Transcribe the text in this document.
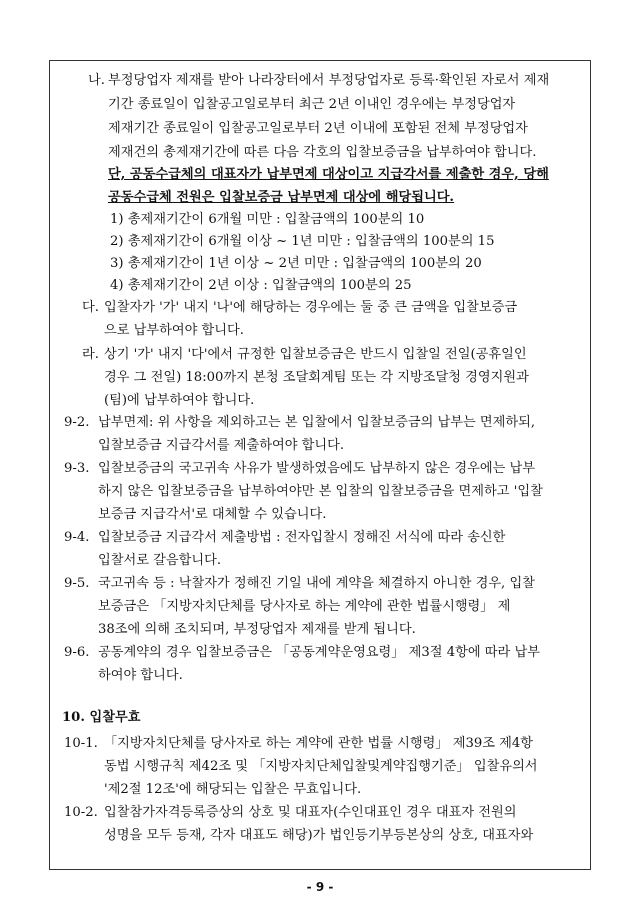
나. 부정당업자 제재를 받아 나라장터에서 부정당업자로 등록·확인된 자로서 제재
기간 종료일이 입찰공고일로부터 최근 2년 이내인 경우에는 부정당업자
제재기간 종료일이 입찰공고일로부터 2년 이내에 포함된 전체 부정당업자
제재건의 총제재기간에 따른 다음 각호의 입찰보증금을 납부하여야 합니다.
단, 공동수급체의 대표자가 납부면제 대상이고 지급각서를 제출한 경우, 당해
공동수급체 전원은 입찰보증금 납부면제 대상에 해당됩니다.
1) 총제재기간이 6개월 미만 : 입찰금액의 100분의 10
2) 총제재기간이 6개월 이상 ~ 1년 미만 : 입찰금액의 100분의 15
3) 총제재기간이 1년 이상 ~ 2년 미만 : 입찰금액의 100분의 20
4) 총제재기간이 2년 이상 : 입찰금액의 100분의 25
다. 입찰자가 '가' 내지 '나'에 해당하는 경우에는 둘 중 큰 금액을 입찰보증금
으로 납부하여야 합니다.
라. 상기 '가' 내지 '다'에서 규정한 입찰보증금은 반드시 입찰일 전일(공휴일인
경우 그 전일) 18:00까지 본청 조달회계팀 또는 각 지방조달청 경영지원과
(팀)에 납부하여야 합니다.
9-2. 납부면제: 위 사항을 제외하고는 본 입찰에서 입찰보증금의 납부는 면제하되,
입찰보증금 지급각서를 제출하여야 합니다.
9-3. 입찰보증금의 국고귀속 사유가 발생하였음에도 납부하지 않은 경우에는 납부
하지 않은 입찰보증금을 납부하여야만 본 입찰의 입찰보증금을 면제하고 '입찰
보증금 지급각서'로 대체할 수 있습니다.
9-4. 입찰보증금 지급각서 제출방법 : 전자입찰시 정해진 서식에 따라 송신한
입찰서로 갈음합니다.
9-5. 국고귀속 등 : 낙찰자가 정해진 기일 내에 계약을 체결하지 아니한 경우, 입찰
보증금은 「지방자치단체를 당사자로 하는 계약에 관한 법률시행령」 제
38조에 의해 조치되며, 부정당업자 제재를 받게 됩니다.
9-6. 공동계약의 경우 입찰보증금은 「공동계약운영요령」 제3절 4항에 따라 납부
하여야 합니다.
10. 입찰무효
10-1. 「지방자치단체를 당사자로 하는 계약에 관한 법률 시행령」 제39조 제4항
동법 시행규칙 제42조 및 「지방자치단체입찰및계약집행기준」 입찰유의서
'제2절 12조'에 해당되는 입찰은 무효입니다.
10-2. 입찰참가자격등록증상의 상호 및 대표자(수인대표인 경우 대표자 전원의
성명을 모두 등재, 각자 대표도 해당)가 법인등기부등본상의 상호, 대표자와
- 9 -
